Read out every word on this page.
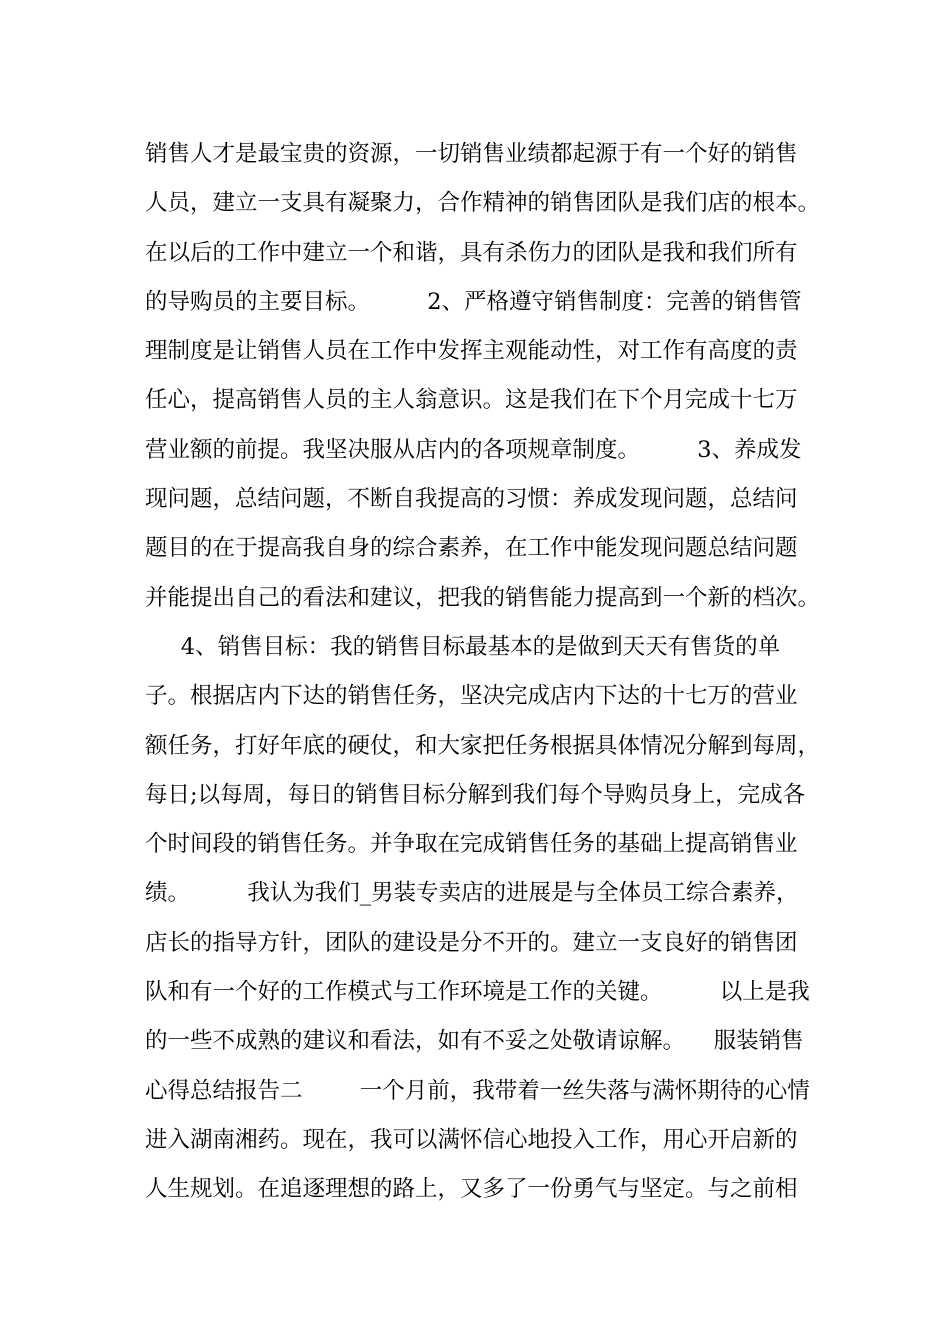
销售人才是最宝贵的资源，一切销售业绩都起源于有一个好的销售
人员，建立一支具有凝聚力，合作精神的销售团队是我们店的根本。
在以后的工作中建立一个和谐，具有杀伤力的团队是我和我们所有
的导购员的主要目标。        2、严格遵守销售制度：完善的销售管
理制度是让销售人员在工作中发挥主观能动性，对工作有高度的责
任心，提高销售人员的主人翁意识。这是我们在下个月完成十七万
营业额的前提。我坚决服从店内的各项规章制度。        3、养成发
现问题，总结问题，不断自我提高的习惯：养成发现问题，总结问
题目的在于提高我自身的综合素养，在工作中能发现问题总结问题
并能提出自己的看法和建议，把我的销售能力提高到一个新的档次。
4、销售目标：我的销售目标最基本的是做到天天有售货的单
子。根据店内下达的销售任务，坚决完成店内下达的十七万的营业
额任务，打好年底的硬仗，和大家把任务根据具体情况分解到每周，
每日;以每周，每日的销售目标分解到我们每个导购员身上，完成各
个时间段的销售任务。并争取在完成销售任务的基础上提高销售业
绩。        我认为我们_男装专卖店的进展是与全体员工综合素养，
店长的指导方针，团队的建设是分不开的。建立一支良好的销售团
队和有一个好的工作模式与工作环境是工作的关键。        以上是我
的一些不成熟的建议和看法，如有不妥之处敬请谅解。    服装销售
心得总结报告二        一个月前，我带着一丝失落与满怀期待的心情
进入湖南湘药。现在，我可以满怀信心地投入工作，用心开启新的
人生规划。在追逐理想的路上，又多了一份勇气与坚定。与之前相
